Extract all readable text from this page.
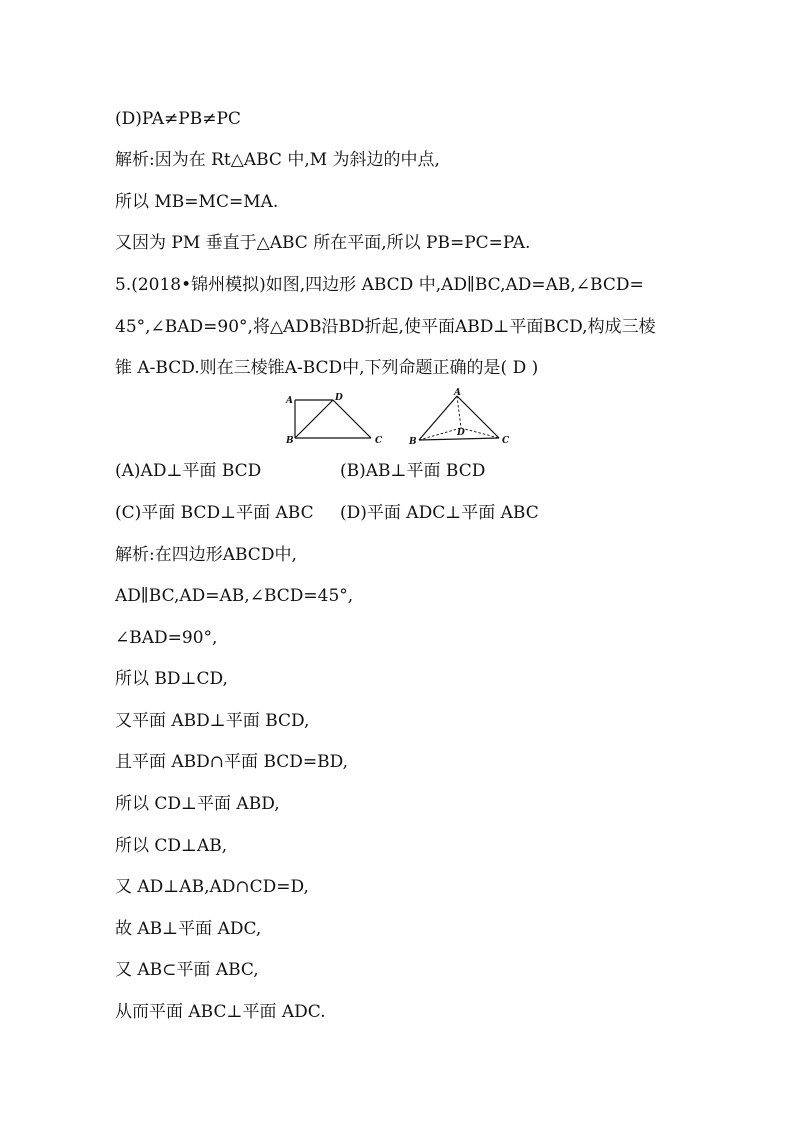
(D)PA≠PB≠PC
解析:因为在 Rt△ABC 中,M 为斜边的中点,
所以 MB=MC=MA.
又因为 PM 垂直于△ABC 所在平面,所以 PB=PC=PA.
5.(2018•锦州模拟)如图,四边形 ABCD 中,AD∥BC,AD=AB,∠BCD=
45°,∠BAD=90°,将△ADB沿BD折起,使平面ABD⊥平面BCD,构成三棱
锥 A-BCD.则在三棱锥A-BCD中,下列命题正确的是( D )
A	D
B	C
A
D
B	C
(A)AD⊥平面 BCD	(B)AB⊥平面 BCD
(C)平面 BCD⊥平面 ABC (D)平面 ADC⊥平面 ABC
解析:在四边形ABCD中,
AD∥BC,AD=AB,∠BCD=45°,
∠BAD=90°,
所以 BD⊥CD,
又平面 ABD⊥平面 BCD,
且平面 ABD∩平面 BCD=BD,
所以 CD⊥平面 ABD,
所以 CD⊥AB,
又 AD⊥AB,AD∩CD=D,
故 AB⊥平面 ADC,
又 AB⊂平面 ABC,
从而平面 ABC⊥平面 ADC.
